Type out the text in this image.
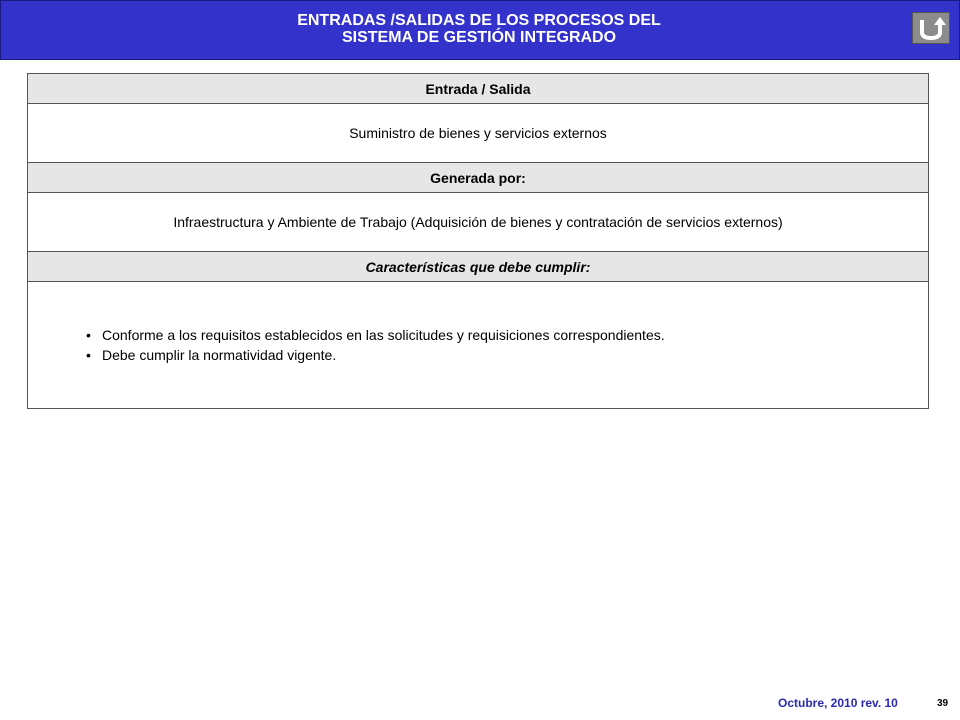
ENTRADAS /SALIDAS DE LOS PROCESOS DEL
SISTEMA DE GESTIÓN INTEGRADO
Entrada / Salida
Suministro de bienes y servicios externos
Generada por:
Infraestructura y Ambiente de Trabajo (Adquisición de bienes y contratación de servicios externos)
Características que debe cumplir:

• Conforme a los requisitos establecidos en las solicitudes y requisiciones correspondientes.
• Debe cumplir la normatividad vigente.
Octubre, 2010 rev. 10	39
